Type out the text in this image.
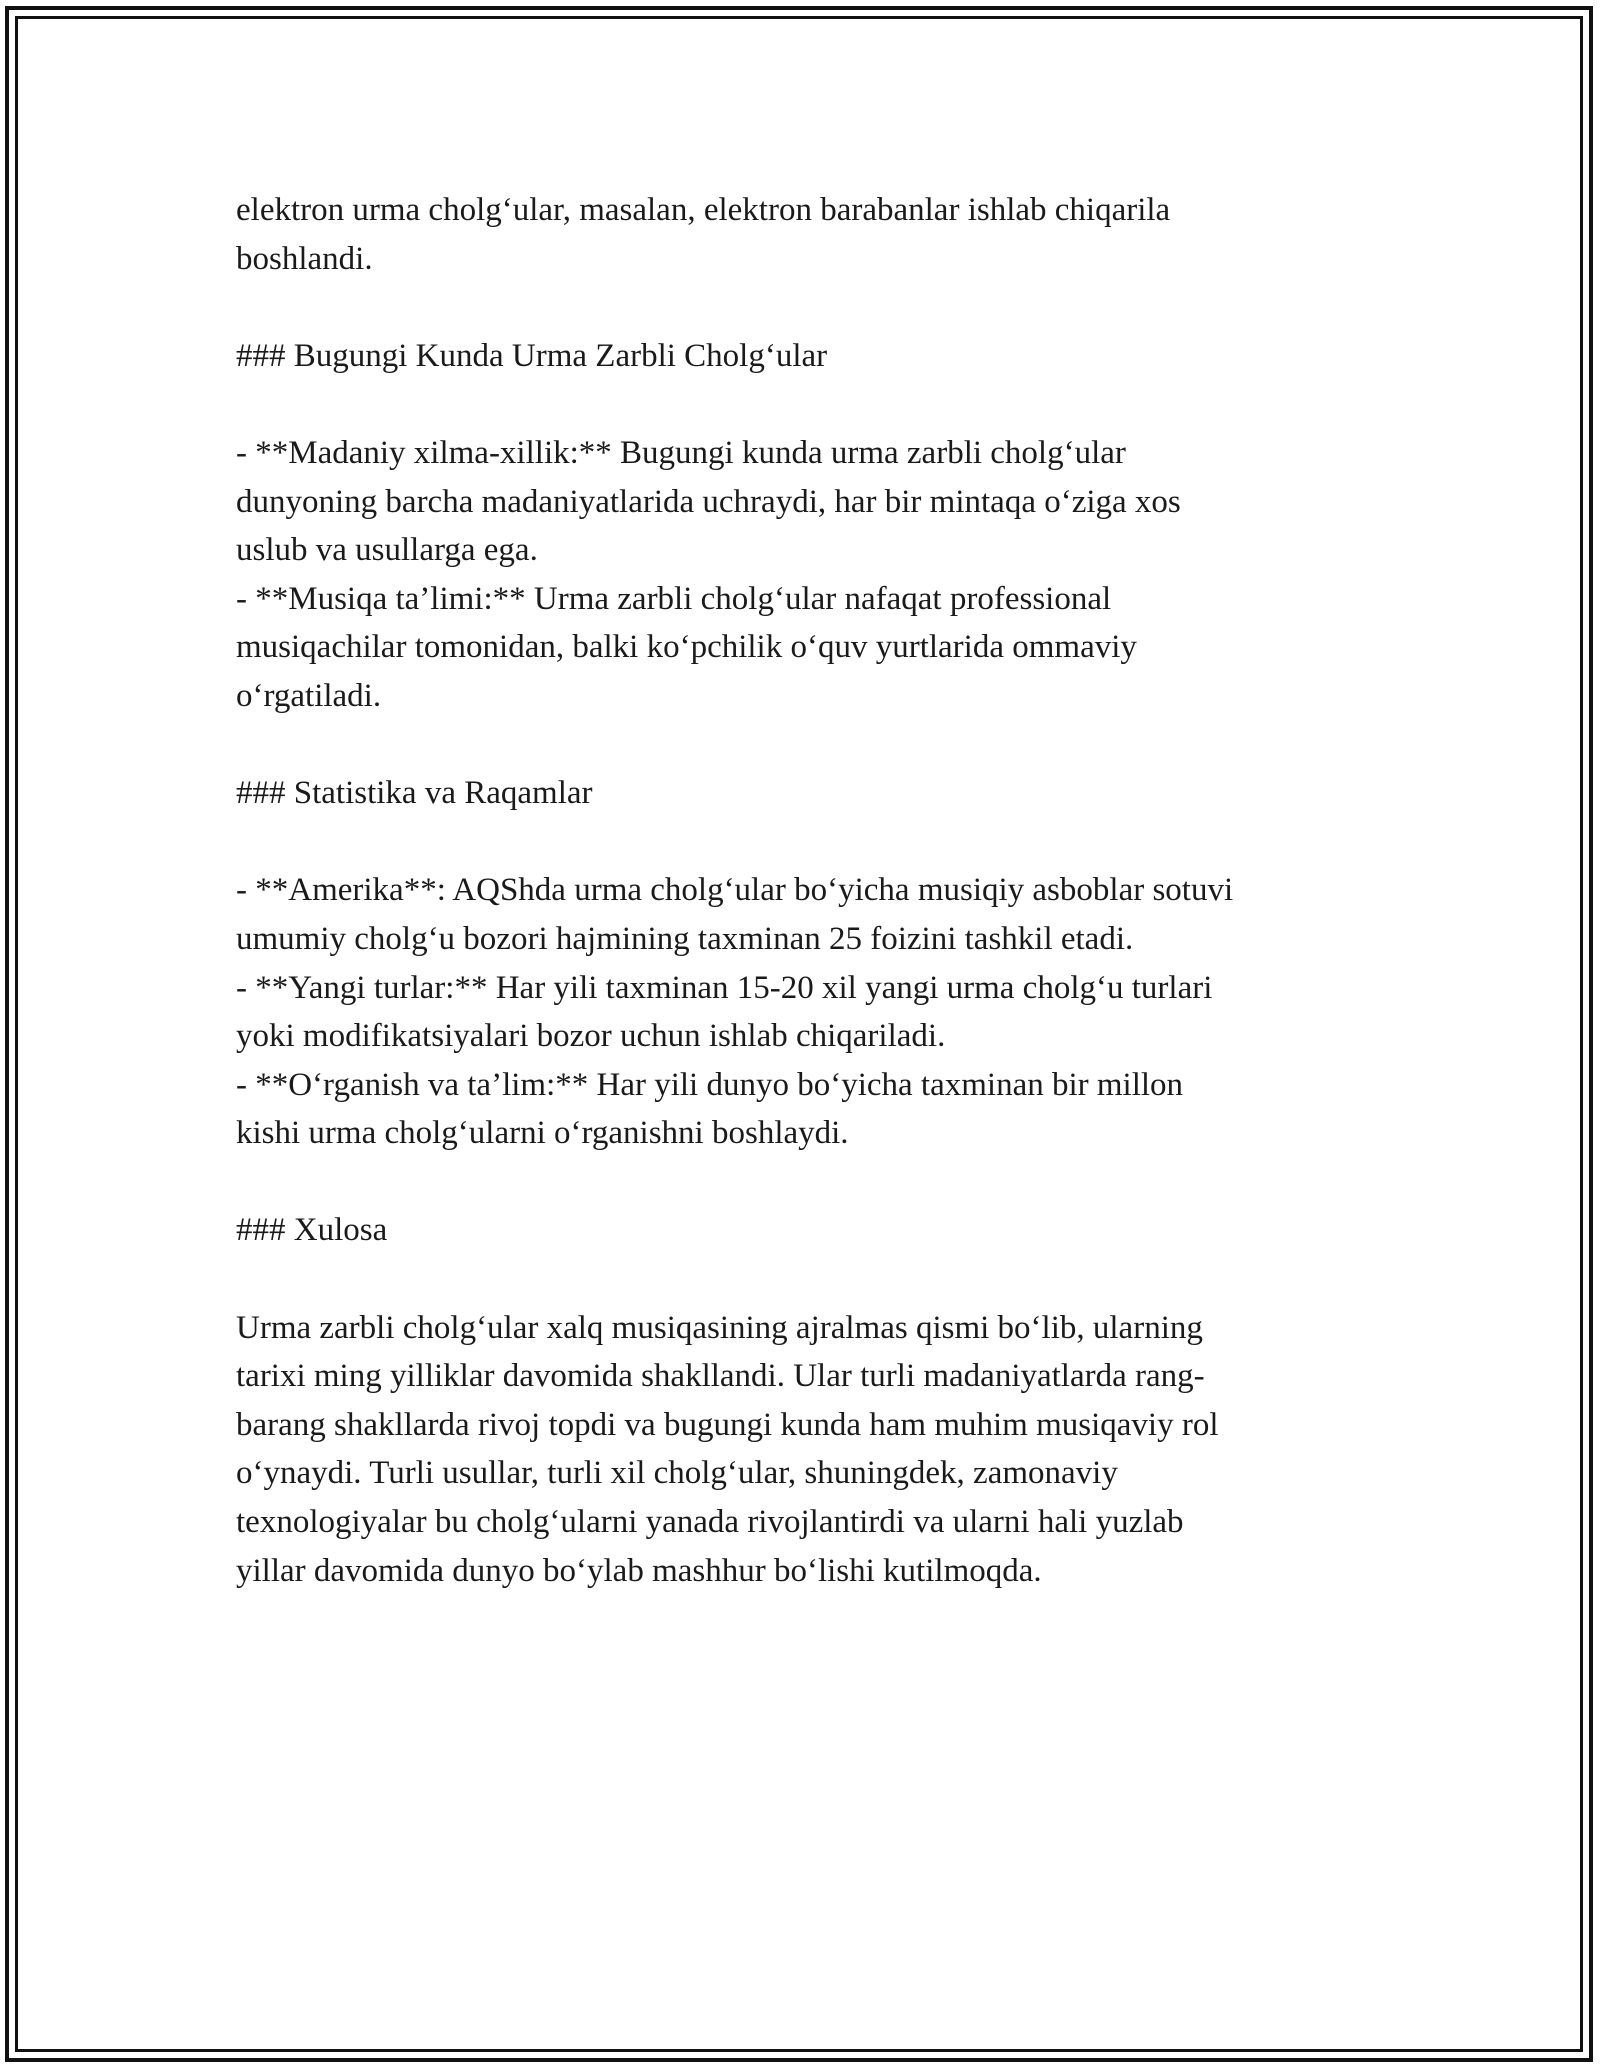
elektron urma cholg‘ular, masalan, elektron barabanlar ishlab chiqarila

boshlandi.

### Bugungi Kunda Urma Zarbli Cholg‘ular

- **Madaniy xilma-xillik:** Bugungi kunda urma zarbli cholg‘ular

dunyoning barcha madaniyatlarida uchraydi, har bir mintaqa o‘ziga xos

uslub va usullarga ega.

- **Musiqa ta’limi:** Urma zarbli cholg‘ular nafaqat professional

musiqachilar tomonidan, balki ko‘pchilik o‘quv yurtlarida ommaviy

o‘rgatiladi.

### Statistika va Raqamlar

- **Amerika**: AQShda urma cholg‘ular bo‘yicha musiqiy asboblar sotuvi

umumiy cholg‘u bozori hajmining taxminan 25 foizini tashkil etadi.

- **Yangi turlar:** Har yili taxminan 15-20 xil yangi urma cholg‘u turlari

yoki modifikatsiyalari bozor uchun ishlab chiqariladi.

- **O‘rganish va ta’lim:** Har yili dunyo bo‘yicha taxminan bir millon

kishi urma cholg‘ularni o‘rganishni boshlaydi.

### Xulosa

Urma zarbli cholg‘ular xalq musiqasining ajralmas qismi bo‘lib, ularning

tarixi ming yilliklar davomida shakllandi. Ular turli madaniyatlarda rang-

barang shakllarda rivoj topdi va bugungi kunda ham muhim musiqaviy rol

o‘ynaydi. Turli usullar, turli xil cholg‘ular, shuningdek, zamonaviy

texnologiyalar bu cholg‘ularni yanada rivojlantirdi va ularni hali yuzlab

yillar davomida dunyo bo‘ylab mashhur bo‘lishi kutilmoqda.
